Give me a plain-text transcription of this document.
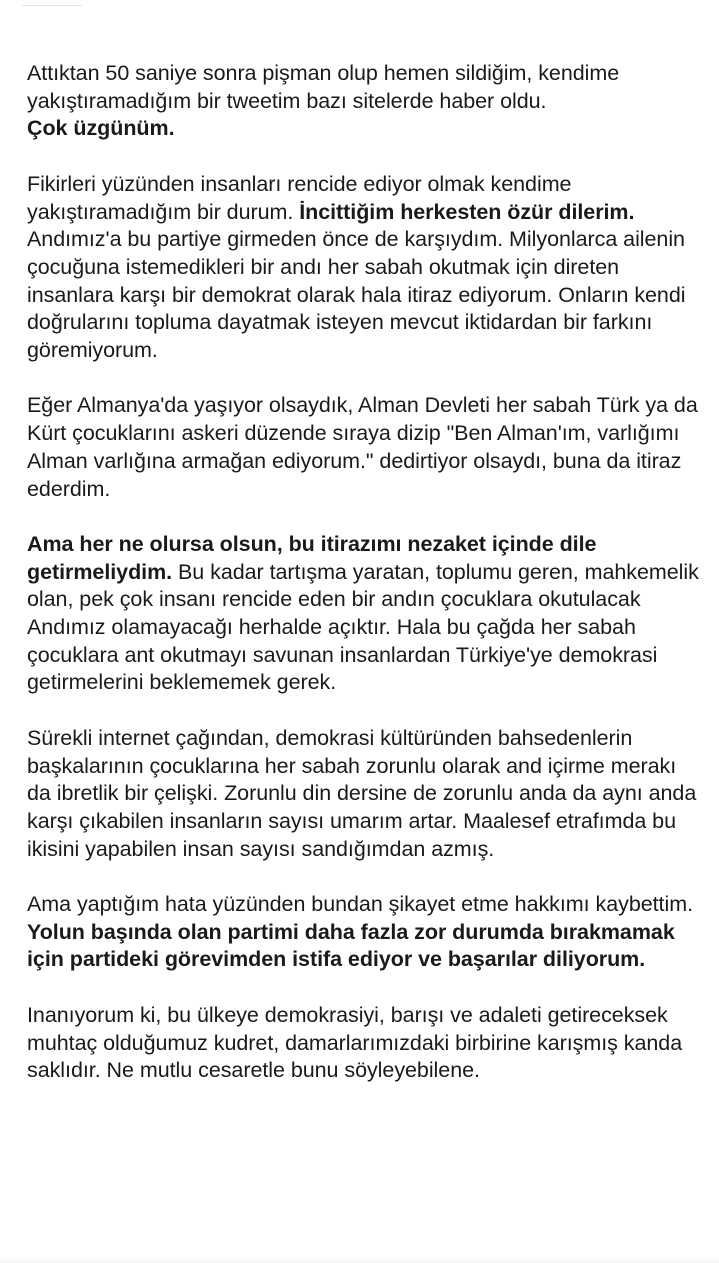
Attıktan 50 saniye sonra pişman olup hemen sildiğim, kendime yakıştıramadığım bir tweetim bazı sitelerde haber oldu.
Çok üzgünüm.

Fikirleri yüzünden insanları rencide ediyor olmak kendime yakıştıramadığım bir durum. İncittiğim herkesten özür dilerim. Andımız'a bu partiye girmeden önce de karşıydım. Milyonlarca ailenin çocuğuna istemedikleri bir andı her sabah okutmak için direten insanlara karşı bir demokrat olarak hala itiraz ediyorum. Onların kendi doğrularını topluma dayatmak isteyen mevcut iktidardan bir farkını göremiyorum.

Eğer Almanya'da yaşıyor olsaydık, Alman Devleti her sabah Türk ya da Kürt çocuklarını askeri düzende sıraya dizip "Ben Alman'ım, varlığımı Alman varlığına armağan ediyorum." dedirtiyor olsaydı, buna da itiraz ederdim.

Ama her ne olursa olsun, bu itirazımı nezaket içinde dile getirmeliydim. Bu kadar tartışma yaratan, toplumu geren, mahkemelik olan, pek çok insanı rencide eden bir andın çocuklara okutulacak Andımız olamayacağı herhalde açıktır. Hala bu çağda her sabah çocuklara ant okutmayı savunan insanlardan Türkiye'ye demokrasi getirmelerini beklememek gerek.

Sürekli internet çağından, demokrasi kültüründen bahsedenlerin başkalarının çocuklarına her sabah zorunlu olarak and içirme merakı da ibretlik bir çelişki. Zorunlu din dersine de zorunlu anda da aynı anda karşı çıkabilen insanların sayısı umarım artar. Maalesef etrafımda bu ikisini yapabilen insan sayısı sandığımdan azmış.

Ama yaptığım hata yüzünden bundan şikayet etme hakkımı kaybettim. Yolun başında olan partimi daha fazla zor durumda bırakmamak için partideki görevimden istifa ediyor ve başarılar diliyorum.

Inanıyorum ki, bu ülkeye demokrasiyi, barışı ve adaleti getireceksek muhtaç olduğumuz kudret, damarlarımızdaki birbirine karışmış kanda saklıdır. Ne mutlu cesaretle bunu söyleyebilene.
